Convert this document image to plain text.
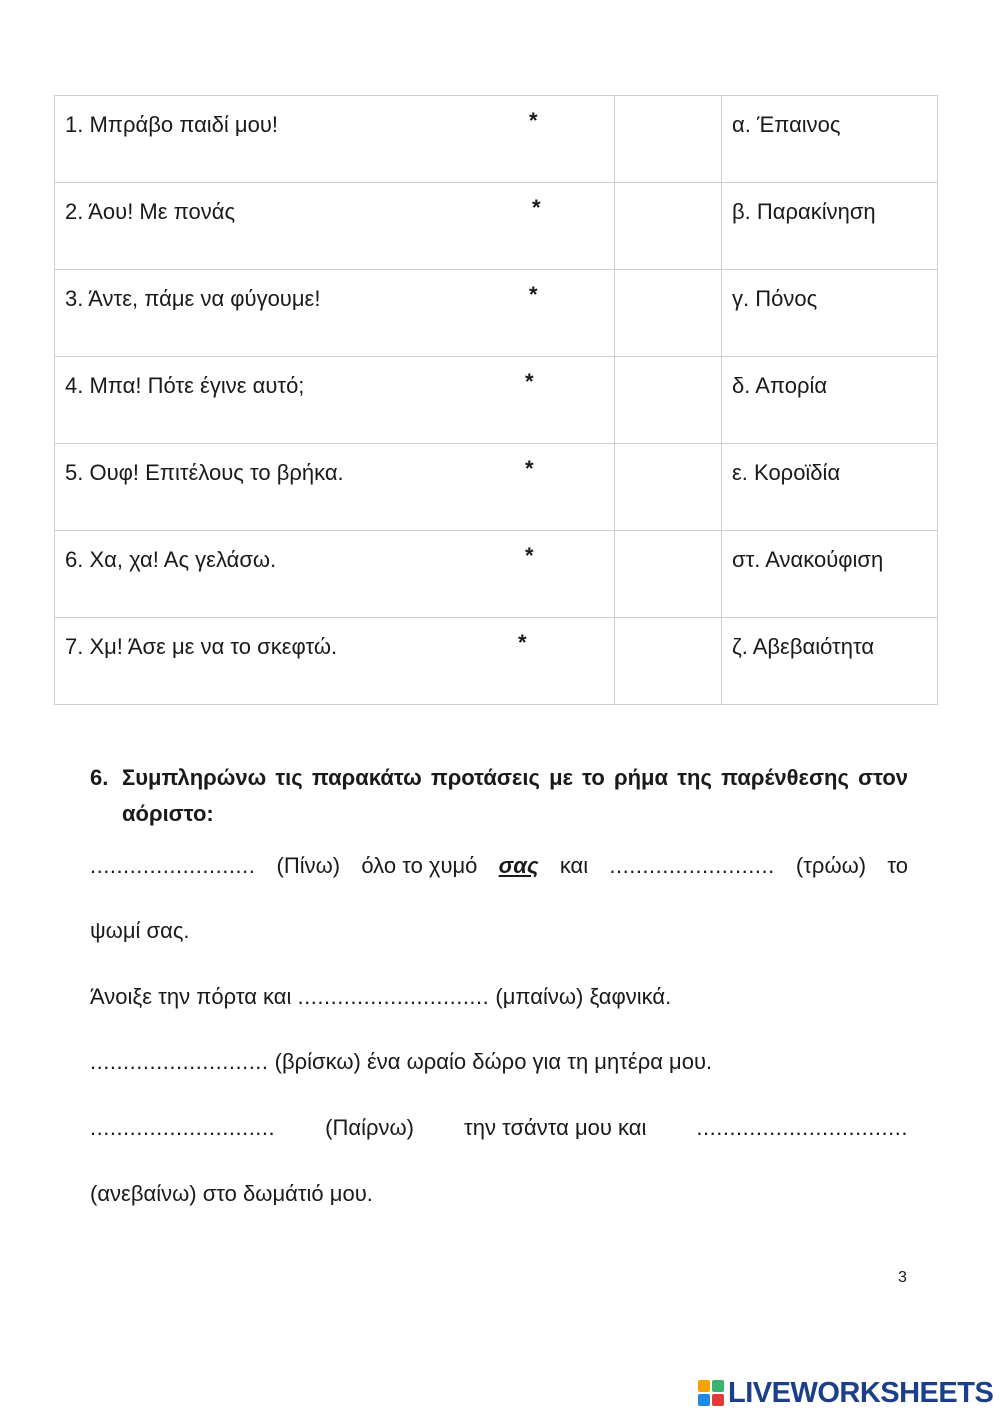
1. Μπράβο παιδί μου! *		α. Έπαινος

2. Άου! Με πονάς *		β. Παρακίνηση

3. Άντε, πάμε να φύγουμε! *		γ. Πόνος

4. Μπα! Πότε έγινε αυτό; *		δ. Απορία

5. Ουφ! Επιτέλους το βρήκα. *		ε. Κοροϊδία

6. Χα, χα! Ας γελάσω. *		στ. Ανακούφιση

7. Χμ! Άσε με να το σκεφτώ. *		ζ. Αβεβαιότητα
6. Συμπληρώνω τις παρακάτω προτάσεις με το ρήμα της παρένθεσης στον αόριστο:
......................... (Πίνω) όλο το χυμό σας και ......................... (τρώω) το
ψωμί σας.
Άνοιξε την πόρτα και ............................. (μπαίνω) ξαφνικά.
........................... (βρίσκω) ένα ωραίο δώρο για τη μητέρα μου.
............................ (Παίρνω) την τσάντα μου και ................................
(ανεβαίνω) στο δωμάτιό μου.
3
LIVEWORKSHEETS
